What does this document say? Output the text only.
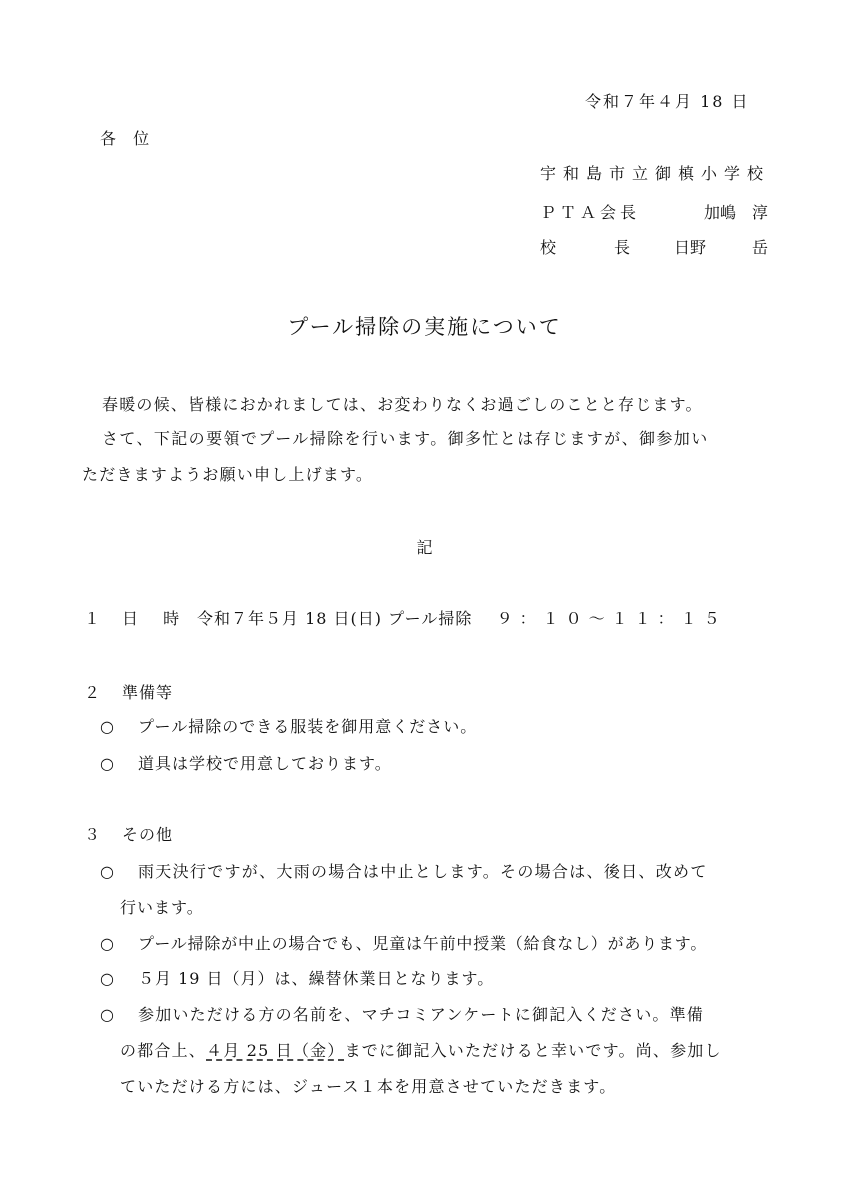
令和７年４月 18 日
各 位
宇和島市立御槙小学校
ＰＴＡ会長	加嶋　淳
校	長	日野	岳
プール掃除の実施について
春暖の候、皆様におかれましては、お変わりなくお過ごしのことと存じます。
さて、下記の要領でプール掃除を行います。御多忙とは存じますが、御参加い
ただきますようお願い申し上げます。
記
１ 日 時 令和７年５月 18 日(日) プール掃除 ９：１０～１１：１５
２ 準備等
○ プール掃除のできる服装を御用意ください。
○ 道具は学校で用意しております。
３ その他
○ 雨天決行ですが、大雨の場合は中止とします。その場合は、後日、改めて
行います。
○ プール掃除が中止の場合でも、児童は午前中授業（給食なし）があります。
○ ５月 19 日（月）は、繰替休業日となります。
○ 参加いただける方の名前を、マチコミアンケートに御記入ください。準備
の都合上、４月 25 日（金）までに御記入いただけると幸いです。尚、参加し
ていただける方には、ジュース１本を用意させていただきます。
